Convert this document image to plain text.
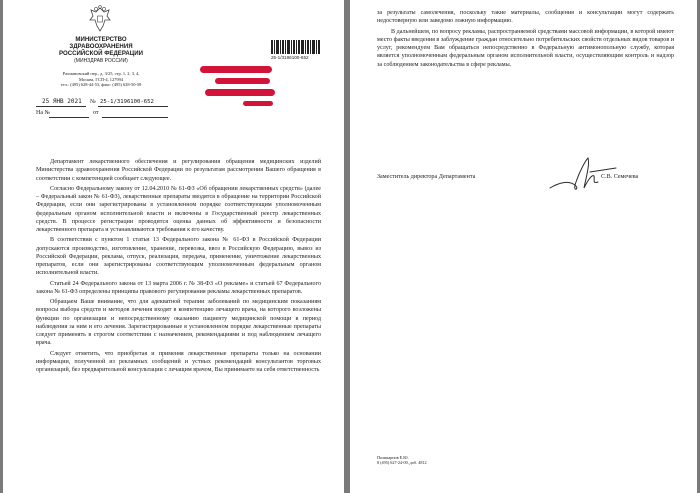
МИНИСТЕРСТВО
ЗДРАВООХРАНЕНИЯ
РОССИЙСКОЙ ФЕДЕРАЦИИ
(МИНЗДРАВ РОССИИ)
Рахмановский пер., д. 3/25, стр. 1, 2, 3, 4,
Москва, ГСП-4, 127994
тел.: (495) 628-44-53, факс: (495) 628-50-58
25 ЯНВ 2021 № 25-1/3196100-652
На №	от
25-1/3196100-652

Департамент лекарственного обеспечения и регулирования обращения медицинских изделий Министерства здравоохранения Российской Федерации по результатам рассмотрения Вашего обращения в соответствии с компетенцией сообщает следующее.

Согласно Федеральному закону от 12.04.2010 № 61-ФЗ «Об обращении лекарственных средств» (далее – Федеральный закон № 61-ФЗ), лекарственные препараты вводятся в обращение на территории Российской Федерации, если они зарегистрированы в установленном порядке соответствующим уполномоченным федеральным органом исполнительной власти и включены в Государственный реестр лекарственных средств. В процессе регистрации проводится оценка данных об эффективности и безопасности лекарственного препарата и устанавливаются требования к его качеству.

В соответствии с пунктом 1 статьи 13 Федерального закона № 61-ФЗ в Российской Федерации допускаются производство, изготовление, хранение, перевозка, ввоз в Российскую Федерацию, вывоз из Российской Федерации, реклама, отпуск, реализация, передача, применение, уничтожение лекарственных препаратов, если они зарегистрированы соответствующим уполномоченным федеральным органом исполнительной власти.

Статьей 24 Федерального закона от 13 марта 2006 г. № 38-ФЗ «О рекламе» и статьей 67 Федерального закона № 61-ФЗ определены принципы правового регулирования рекламы лекарственных препаратов.

Обращаем Ваше внимание, что для адекватной терапии заболеваний по медицинским показаниям вопросы выбора средств и методов лечения входят в компетенцию лечащего врача, на которого возложены функции по организации и непосредственному оказанию пациенту медицинской помощи в период наблюдения за ним и его лечения. Зарегистрированные в установленном порядке лекарственные препараты следует применять в строгом соответствии с назначением, рекомендациями и под наблюдением лечащего врача.

Следует отметить, что приобретая и применяя лекарственные препараты только на основании информации, полученной из рекламных сообщений и устных рекомендаций консультантов торговых организаций, без предварительной консультации с лечащим врачом, Вы принимаете на себя ответственность

за результаты самолечения, поскольку такие материалы, сообщения и консультации могут содержать недостоверную или заведомо ложную информацию.

В дальнейшем, по вопросу рекламы, распространяемой средствами массовой информации, в которой имеют место факты введения в заблуждение граждан относительно потребительских свойств отдельных видов товаров и услуг, рекомендуем Вам обращаться непосредственно в Федеральную антимонопольную службу, которая является уполномоченным федеральным органом исполнительной власти, осуществляющим контроль и надзор за соблюдением законодательства в сфере рекламы.

Заместитель директора Департамента	С.В. Семечева
Поликарпов Е.Ю.
8 (495) 627-24-00, доб. 4812
